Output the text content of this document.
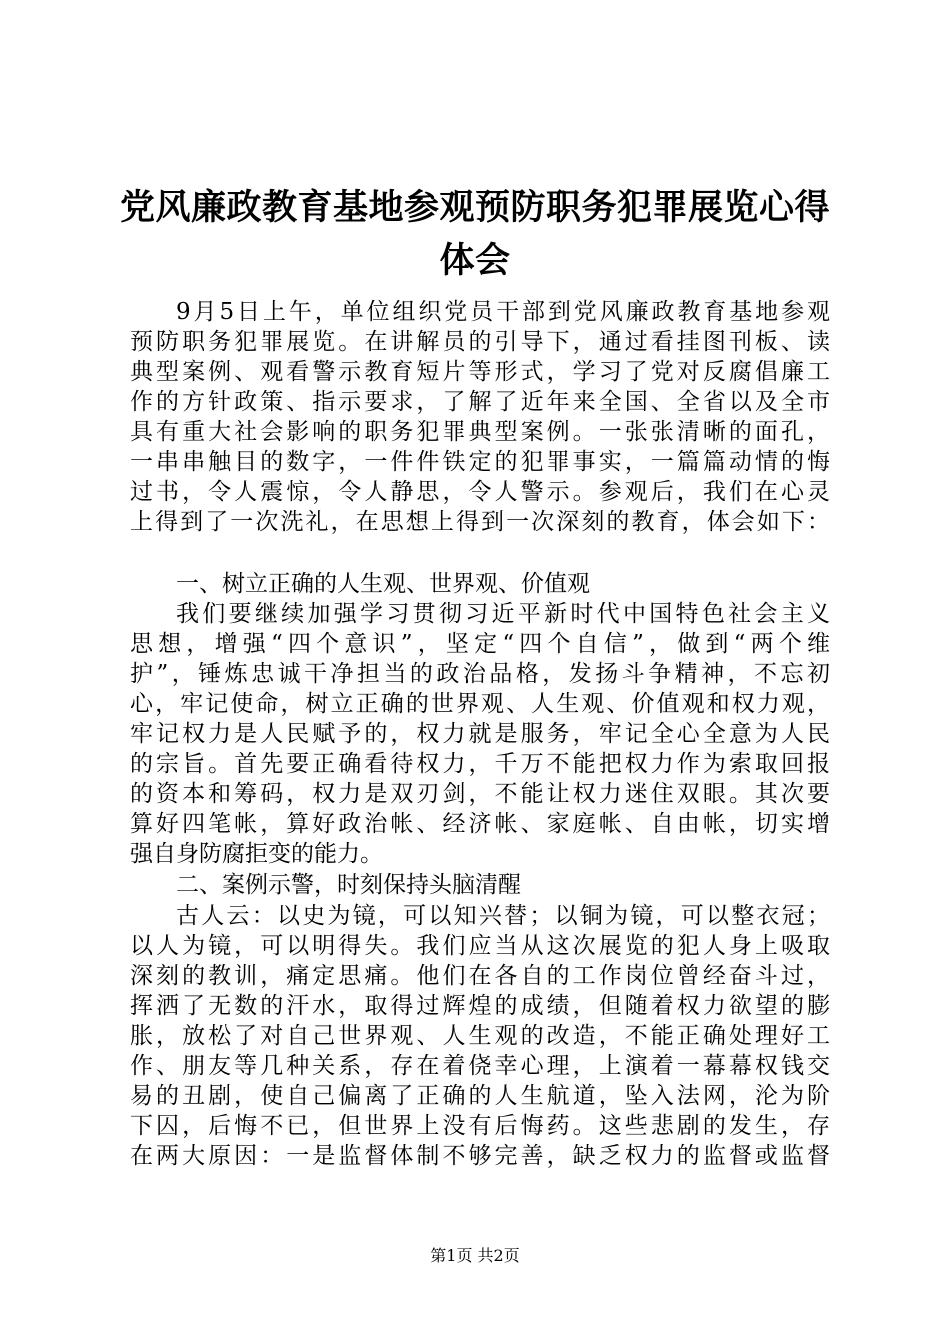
党风廉政教育基地参观预防职务犯罪展览心得
体会
9月5日上午，单位组织党员干部到党风廉政教育基地参观
预防职务犯罪展览。在讲解员的引导下，通过看挂图刊板、读
典型案例、观看警示教育短片等形式，学习了党对反腐倡廉工
作的方针政策、指示要求，了解了近年来全国、全省以及全市
具有重大社会影响的职务犯罪典型案例。一张张清晰的面孔，
一串串触目的数字，一件件铁定的犯罪事实，一篇篇动情的悔
过书，令人震惊，令人静思，令人警示。参观后，我们在心灵
上得到了一次洗礼，在思想上得到一次深刻的教育，体会如下：
一、树立正确的人生观、世界观、价值观
我们要继续加强学习贯彻习近平新时代中国特色社会主义
思想，增强“四个意识”，坚定“四个自信”，做到“两个维
护”，锤炼忠诚干净担当的政治品格，发扬斗争精神，不忘初
心，牢记使命，树立正确的世界观、人生观、价值观和权力观，
牢记权力是人民赋予的，权力就是服务，牢记全心全意为人民
的宗旨。首先要正确看待权力，千万不能把权力作为索取回报
的资本和筹码，权力是双刃剑，不能让权力迷住双眼。其次要
算好四笔帐，算好政治帐、经济帐、家庭帐、自由帐，切实增
强自身防腐拒变的能力。
二、案例示警，时刻保持头脑清醒
古人云：以史为镜，可以知兴替；以铜为镜，可以整衣冠；
以人为镜，可以明得失。我们应当从这次展览的犯人身上吸取
深刻的教训，痛定思痛。他们在各自的工作岗位曾经奋斗过，
挥洒了无数的汗水，取得过辉煌的成绩，但随着权力欲望的膨
胀，放松了对自己世界观、人生观的改造，不能正确处理好工
作、朋友等几种关系，存在着侥幸心理，上演着一幕幕权钱交
易的丑剧，使自己偏离了正确的人生航道，坠入法网，沦为阶
下囚，后悔不已，但世界上没有后悔药。这些悲剧的发生，存
在两大原因：一是监督体制不够完善，缺乏权力的监督或监督
第1页 共2页
